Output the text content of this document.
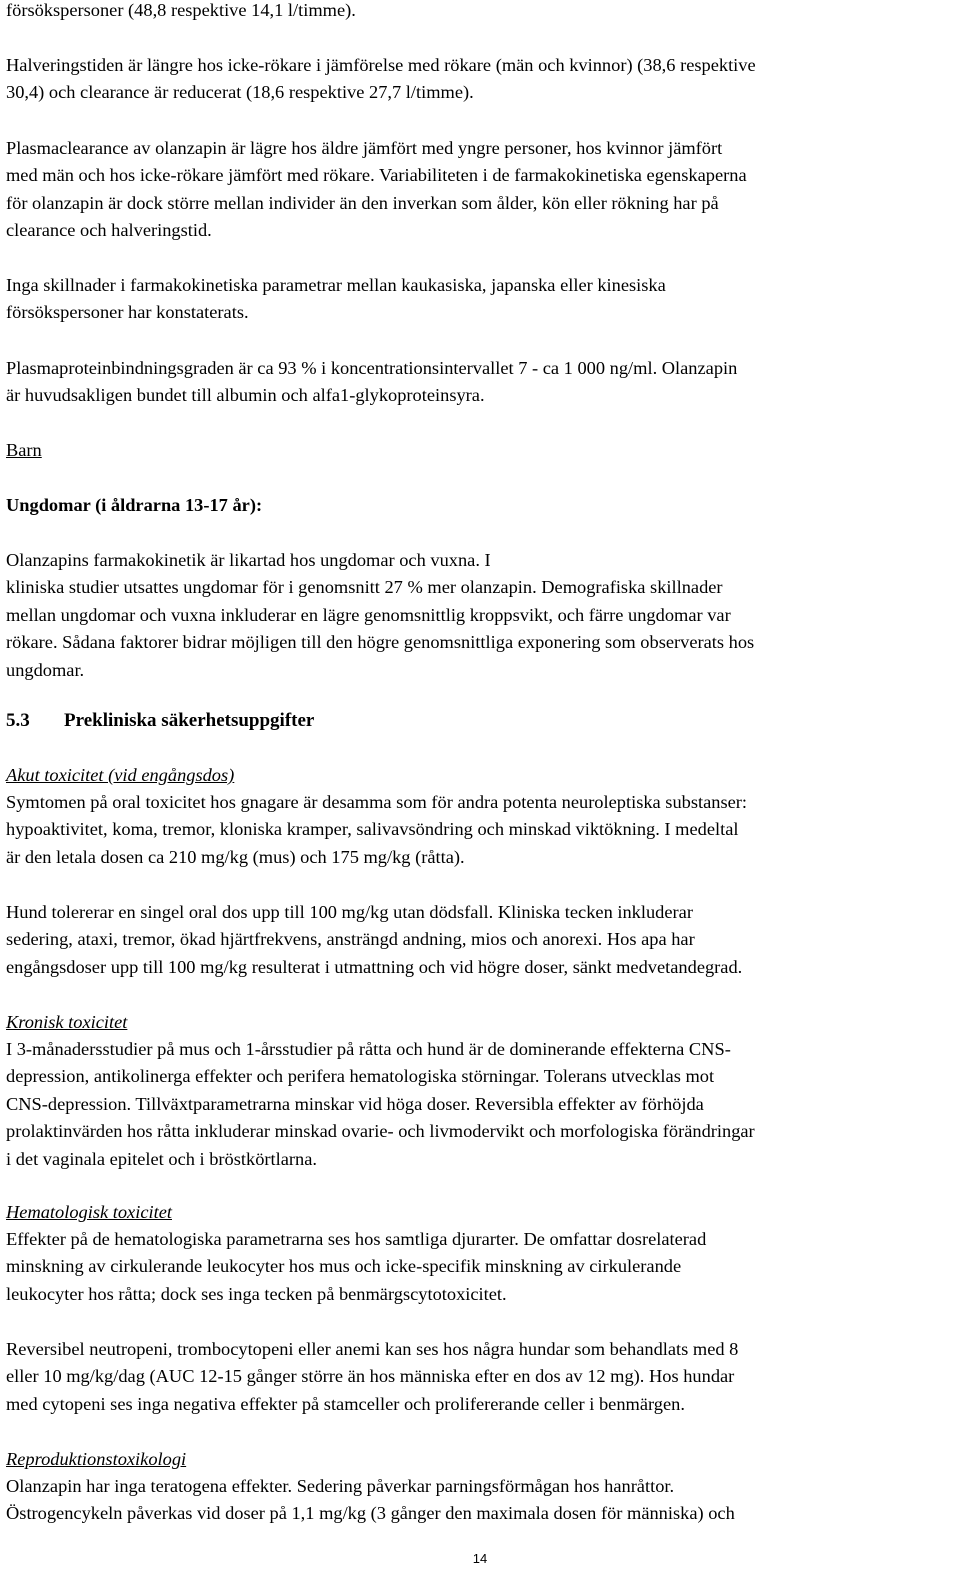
försökspersoner (48,8 respektive 14,1 l/timme).
Halveringstiden är längre hos icke-rökare i jämförelse med rökare (män och kvinnor) (38,6 respektive
30,4) och clearance är reducerat (18,6 respektive 27,7 l/timme).
Plasmaclearance av olanzapin är lägre hos äldre jämfört med yngre personer, hos kvinnor jämfört
med män och hos icke-rökare jämfört med rökare. Variabiliteten i de farmakokinetiska egenskaperna
för olanzapin är dock större mellan individer än den inverkan som ålder, kön eller rökning har på
clearance och halveringstid.
Inga skillnader i farmakokinetiska parametrar mellan kaukasiska, japanska eller kinesiska
försökspersoner har konstaterats.
Plasmaproteinbindningsgraden är ca 93 % i koncentrationsintervallet 7 - ca 1 000 ng/ml. Olanzapin
är huvudsakligen bundet till albumin och alfa1-glykoproteinsyra.
Barn
Ungdomar (i åldrarna 13-17 år):
Olanzapins farmakokinetik är likartad hos ungdomar och vuxna. I
kliniska studier utsattes ungdomar för i genomsnitt 27 % mer olanzapin. Demografiska skillnader
mellan ungdomar och vuxna inkluderar en lägre genomsnittlig kroppsvikt, och färre ungdomar var
rökare. Sådana faktorer bidrar möjligen till den högre genomsnittliga exponering som observerats hos
ungdomar.
5.3 Prekliniska säkerhetsuppgifter
Akut toxicitet (vid engångsdos)
Symtomen på oral toxicitet hos gnagare är desamma som för andra potenta neuroleptiska substanser:
hypoaktivitet, koma, tremor, kloniska kramper, salivavsöndring och minskad viktökning. I medeltal
är den letala dosen ca 210 mg/kg (mus) och 175 mg/kg (råtta).
Hund tolererar en singel oral dos upp till 100 mg/kg utan dödsfall. Kliniska tecken inkluderar
sedering, ataxi, tremor, ökad hjärtfrekvens, ansträngd andning, mios och anorexi. Hos apa har
engångsdoser upp till 100 mg/kg resulterat i utmattning och vid högre doser, sänkt medvetandegrad.
Kronisk toxicitet
I 3-månadersstudier på mus och 1-årsstudier på råtta och hund är de dominerande effekterna CNS-
depression, antikolinerga effekter och perifera hematologiska störningar. Tolerans utvecklas mot
CNS-depression. Tillväxtparametrarna minskar vid höga doser. Reversibla effekter av förhöjda
prolaktinvärden hos råtta inkluderar minskad ovarie- och livmodervikt och morfologiska förändringar
i det vaginala epitelet och i bröstkörtlarna.
Hematologisk toxicitet
Effekter på de hematologiska parametrarna ses hos samtliga djurarter. De omfattar dosrelaterad
minskning av cirkulerande leukocyter hos mus och icke-specifik minskning av cirkulerande
leukocyter hos råtta; dock ses inga tecken på benmärgscytotoxicitet.
Reversibel neutropeni, trombocytopeni eller anemi kan ses hos några hundar som behandlats med 8
eller 10 mg/kg/dag (AUC 12-15 gånger större än hos människa efter en dos av 12 mg). Hos hundar
med cytopeni ses inga negativa effekter på stamceller och prolifererande celler i benmärgen.
Reproduktionstoxikologi
Olanzapin har inga teratogena effekter. Sedering påverkar parningsförmågan hos hanråttor.
Östrogencykeln påverkas vid doser på 1,1 mg/kg (3 gånger den maximala dosen för människa) och
14
